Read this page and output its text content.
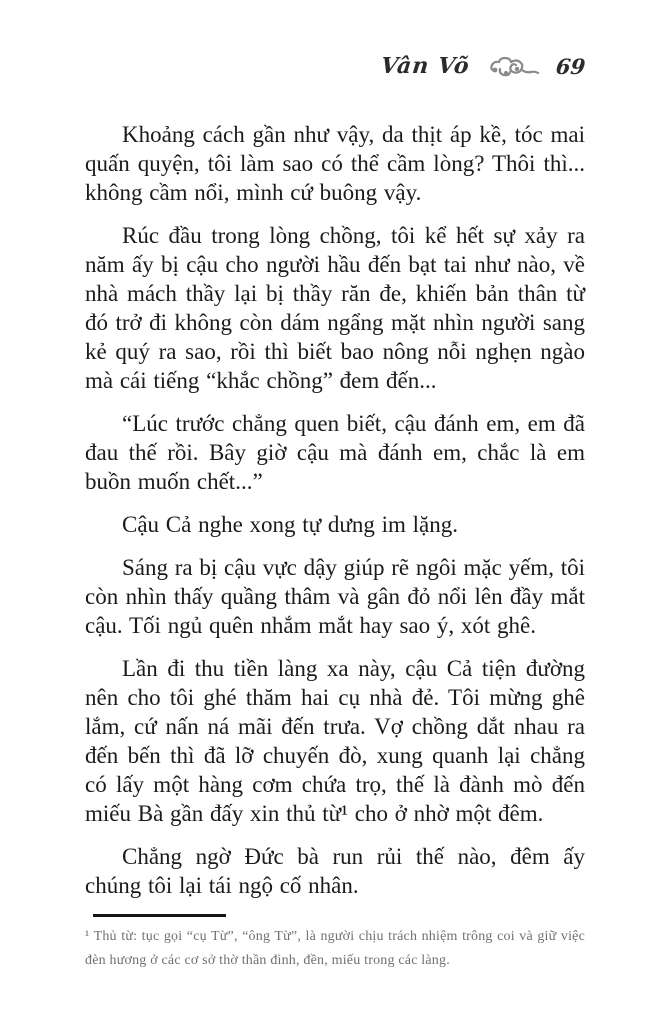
Vân Võ	69

Khoảng cách gần như vậy, da thịt áp kề, tóc mai quấn quyện, tôi làm sao có thể cầm lòng? Thôi thì... không cầm nổi, mình cứ buông vậy.

Rúc đầu trong lòng chồng, tôi kể hết sự xảy ra năm ấy bị cậu cho người hầu đến bạt tai như nào, về nhà mách thầy lại bị thầy răn đe, khiến bản thân từ đó trở đi không còn dám ngẩng mặt nhìn người sang kẻ quý ra sao, rồi thì biết bao nông nỗi nghẹn ngào mà cái tiếng “khắc chồng” đem đến...

“Lúc trước chẳng quen biết, cậu đánh em, em đã đau thế rồi. Bây giờ cậu mà đánh em, chắc là em buồn muốn chết...”

Cậu Cả nghe xong tự dưng im lặng.

Sáng ra bị cậu vực dậy giúp rẽ ngôi mặc yếm, tôi còn nhìn thấy quầng thâm và gân đỏ nổi lên đầy mắt cậu. Tối ngủ quên nhắm mắt hay sao ý, xót ghê.

Lần đi thu tiền làng xa này, cậu Cả tiện đường nên cho tôi ghé thăm hai cụ nhà đẻ. Tôi mừng ghê lắm, cứ nấn ná mãi đến trưa. Vợ chồng dắt nhau ra đến bến thì đã lỡ chuyến đò, xung quanh lại chẳng có lấy một hàng cơm chứa trọ, thế là đành mò đến miếu Bà gần đấy xin thủ từ¹ cho ở nhờ một đêm.

Chẳng ngờ Đức bà run rủi thế nào, đêm ấy chúng tôi lại tái ngộ cố nhân.

¹ Thủ từ: tục gọi “cụ Từ”, “ông Từ”, là người chịu trách nhiệm trông coi và giữ việc đèn hương ở các cơ sở thờ thần đình, đền, miếu trong các làng.
